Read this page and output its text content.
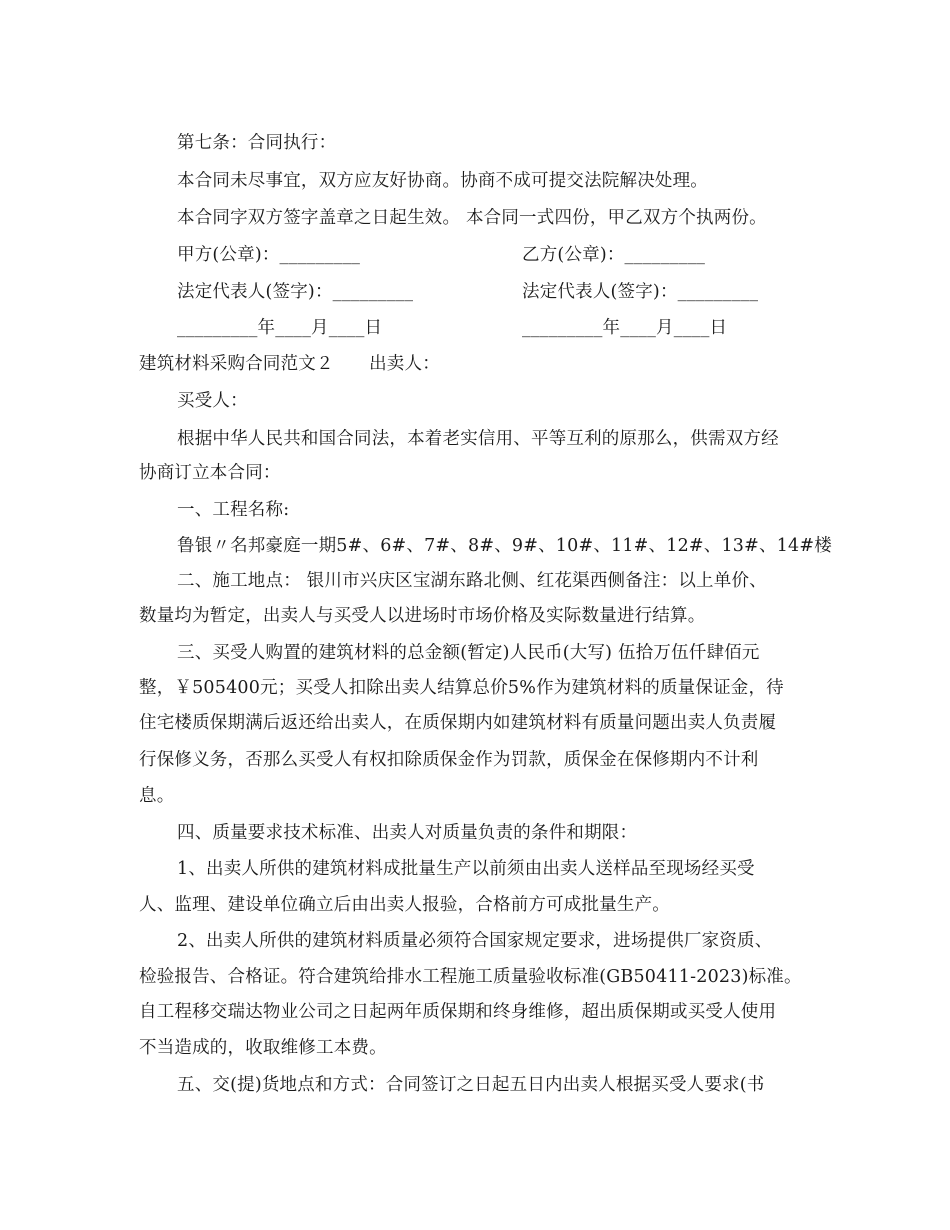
第七条：合同执行：
本合同未尽事宜，双方应友好协商。协商不成可提交法院解决处理。
本合同字双方签字盖章之日起生效。 本合同一式四份，甲乙双方个执两份。
甲方(公章)：_________	乙方(公章)：_________
法定代表人(签字)：_________	法定代表人(签字)：_________
_________年____月____日	_________年____月____日
建筑材料采购合同范文２　　出卖人：
买受人：
根据中华人民共和国合同法，本着老实信用、平等互利的原那么，供需双方经
协商订立本合同：
一、工程名称:
鲁银〃名邦豪庭一期5#、6#、7#、8#、9#、10#、11#、12#、13#、14#楼
二、施工地点： 银川市兴庆区宝湖东路北侧、红花渠西侧备注：以上单价、
数量均为暂定，出卖人与买受人以进场时市场价格及实际数量进行结算。
三、买受人购置的建筑材料的总金额(暂定)人民币(大写) 伍拾万伍仟肆佰元
整，￥505400元；买受人扣除出卖人结算总价5%作为建筑材料的质量保证金，待
住宅楼质保期满后返还给出卖人，在质保期内如建筑材料有质量问题出卖人负责履
行保修义务，否那么买受人有权扣除质保金作为罚款，质保金在保修期内不计利
息。
四、质量要求技术标准、出卖人对质量负责的条件和期限：
1、出卖人所供的建筑材料成批量生产以前须由出卖人送样品至现场经买受
人、监理、建设单位确立后由出卖人报验，合格前方可成批量生产。
2、出卖人所供的建筑材料质量必须符合国家规定要求，进场提供厂家资质、
检验报告、合格证。符合建筑给排水工程施工质量验收标准(GB50411-2023)标准。
自工程移交瑞达物业公司之日起两年质保期和终身维修，超出质保期或买受人使用
不当造成的，收取维修工本费。
五、交(提)货地点和方式：合同签订之日起五日内出卖人根据买受人要求(书
